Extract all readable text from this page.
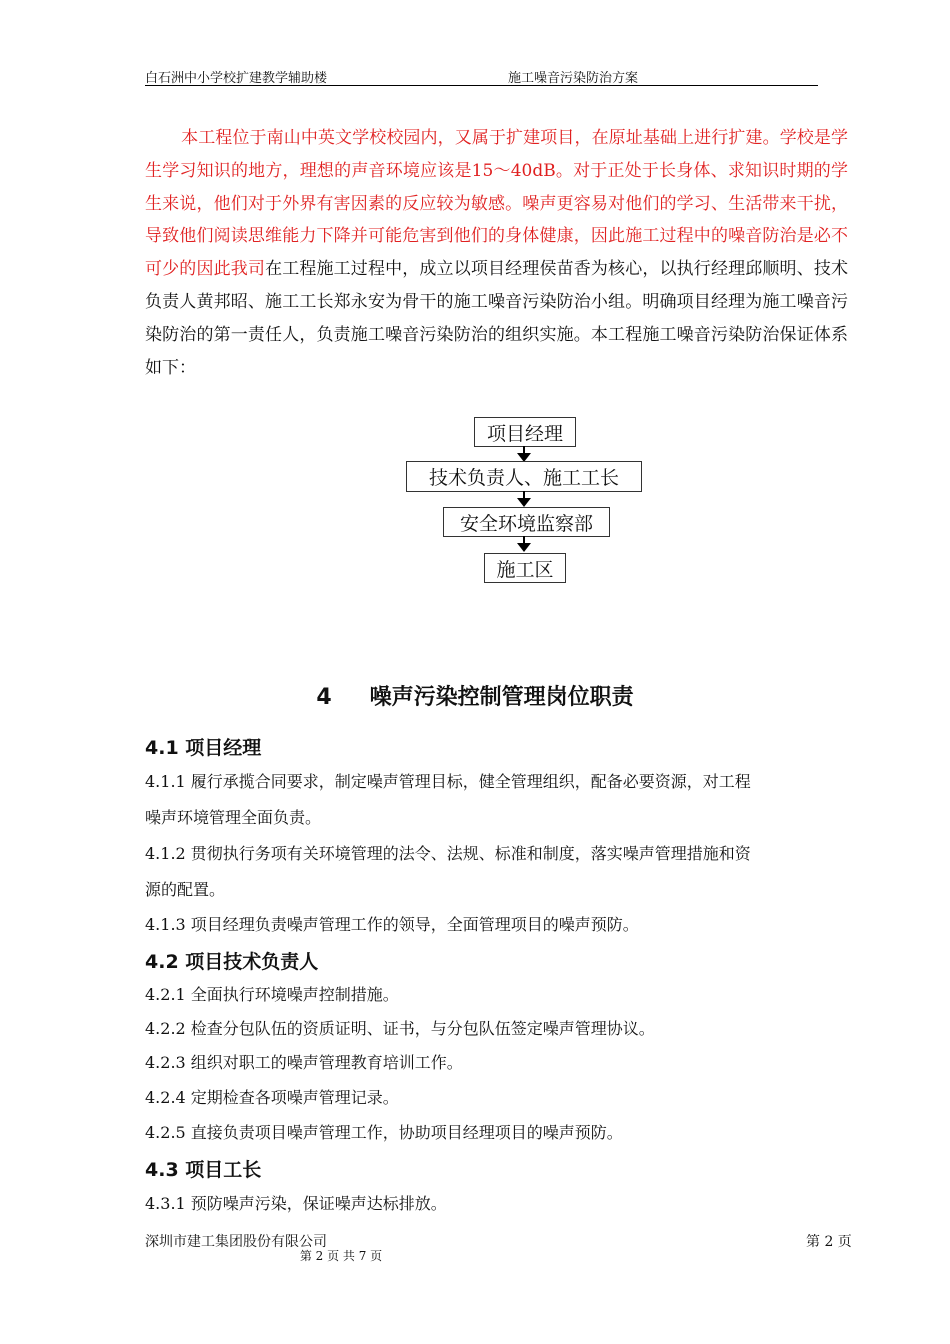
白石洲中小学校扩建教学辅助楼	施工噪音污染防治方案
本工程位于南山中英文学校校园内，又属于扩建项目，在原址基础上进行扩建。学校是学生学习知识的地方，理想的声音环境应该是15～40dB。对于正处于长身体、求知识时期的学生来说，他们对于外界有害因素的反应较为敏感。噪声更容易对他们的学习、生活带来干扰，导致他们阅读思维能力下降并可能危害到他们的身体健康，因此施工过程中的噪音防治是必不可少的因此我司在工程施工过程中，成立以项目经理侯苗香为核心，以执行经理邱顺明、技术负责人黄邦昭、施工工长郑永安为骨干的施工噪音污染防治小组。明确项目经理为施工噪音污染防治的第一责任人，负责施工噪音污染防治的组织实施。本工程施工噪音污染防治保证体系如下：
项目经理
技术负责人、施工工长
安全环境监察部
施工区
4 噪声污染控制管理岗位职责
4.1 项目经理
4.1.1 履行承揽合同要求，制定噪声管理目标，健全管理组织，配备必要资源，对工程
噪声环境管理全面负责。
4.1.2 贯彻执行务项有关环境管理的法令、法规、标准和制度，落实噪声管理措施和资
源的配置。
4.1.3 项目经理负责噪声管理工作的领导，全面管理项目的噪声预防。
4.2 项目技术负责人
4.2.1 全面执行环境噪声控制措施。
4.2.2 检查分包队伍的资质证明、证书，与分包队伍签定噪声管理协议。
4.2.3 组织对职工的噪声管理教育培训工作。
4.2.4 定期检查各项噪声管理记录。
4.2.5 直接负责项目噪声管理工作，协助项目经理项目的噪声预防。
4.3 项目工长
4.3.1 预防噪声污染，保证噪声达标排放。
深圳市建工集团股份有限公司	第 2 页
第 2 页 共 7 页
